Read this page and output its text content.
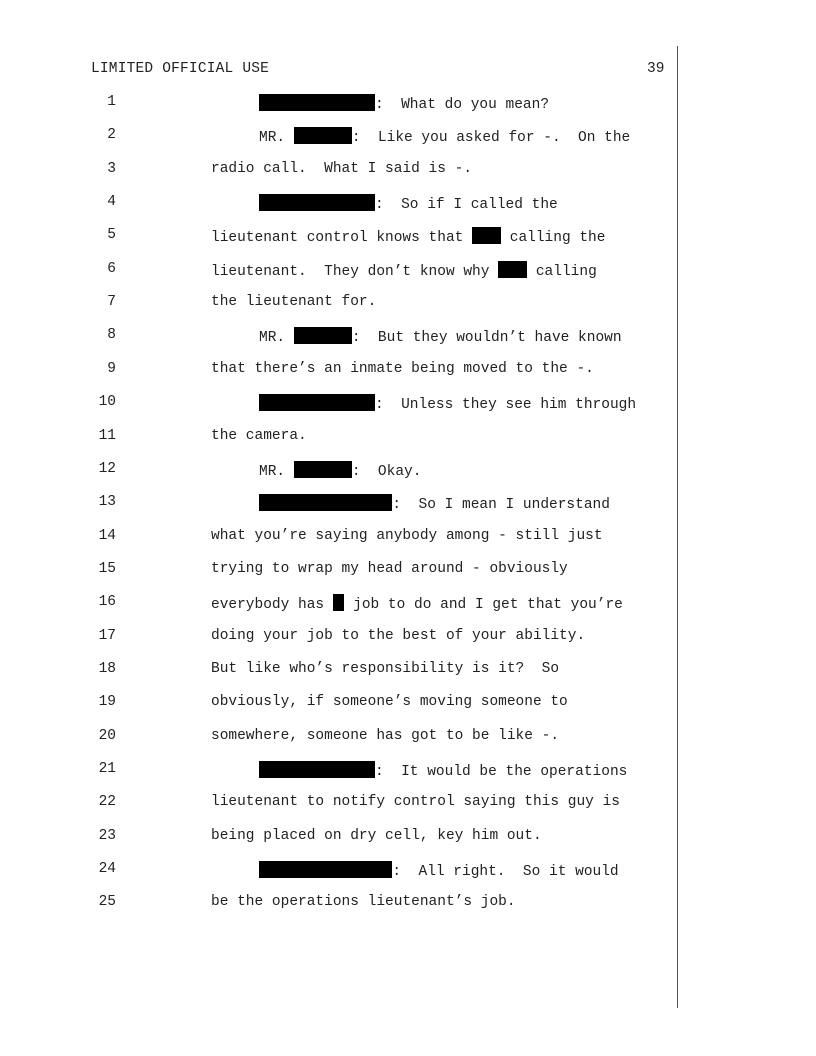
LIMITED OFFICIAL USE	39
1	:  What do you mean?
2	MR.	:  Like you asked for -.  On the
3	radio call.  What I said is -.
4	:  So if I called the
5	lieutenant control knows that  calling the
6	lieutenant.  They don’t know why  calling
7	the lieutenant for.
8	MR.	:  But they wouldn’t have known
9	that there’s an inmate being moved to the -.
10	:  Unless they see him through
11	the camera.
12	MR.	:  Okay.
13	:  So I mean I understand
14	what you’re saying anybody among - still just
15	trying to wrap my head around - obviously
16	everybody has  job to do and I get that you’re
17	doing your job to the best of your ability.
18	But like who’s responsibility is it?  So
19	obviously, if someone’s moving someone to
20	somewhere, someone has got to be like -.
21	:  It would be the operations
22	lieutenant to notify control saying this guy is
23	being placed on dry cell, key him out.
24	:  All right.  So it would
25	be the operations lieutenant’s job.
